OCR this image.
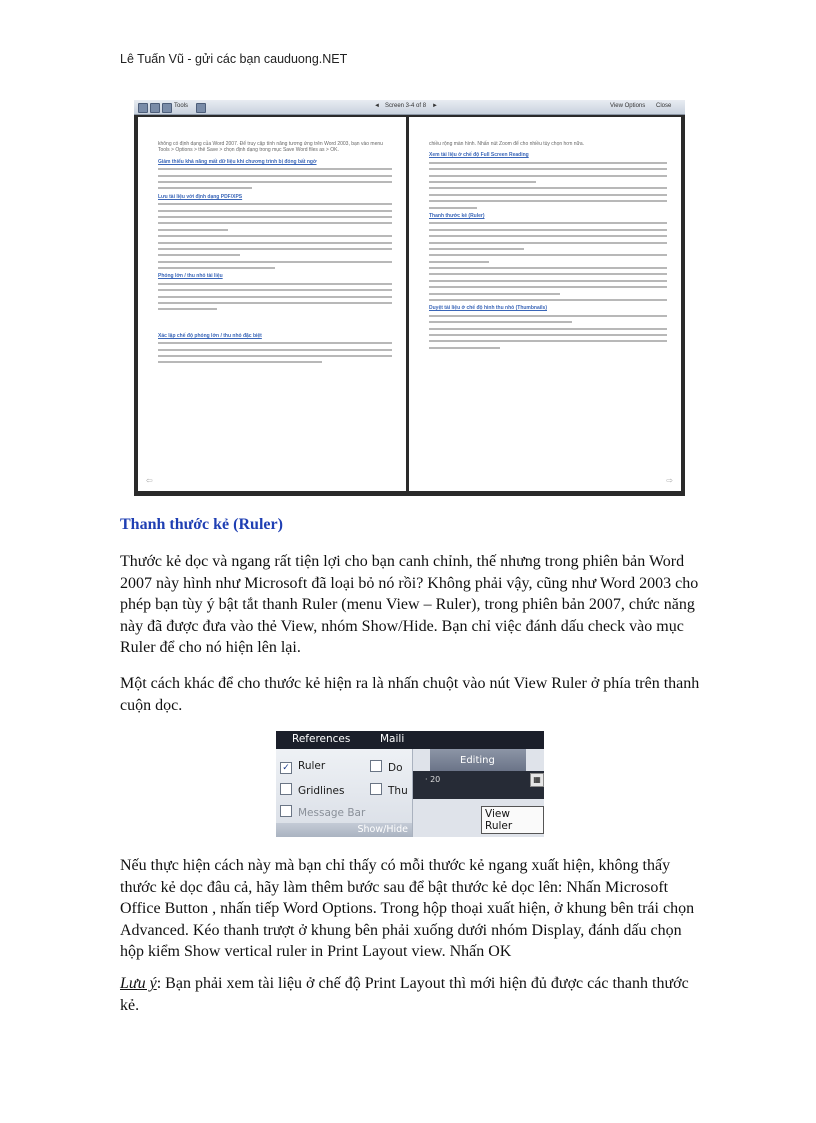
Lê Tuấn Vũ - gửi các bạn cauduong.NET
Tools	◄ Screen 3-4 of 8 ►	View Options Close

không có định dạng của Word 2007. Để truy cập tính năng tương ứng trên Word 2003, bạn vào menu Tools > Options > thẻ Save > chọn định dạng trong mục Save Word files as > OK.

Giảm thiểu khả năng mất dữ liệu khi chương trình bị đóng bất ngờ

Lưu tài liệu với định dạng PDF/XPS

Phóng lớn / thu nhỏ tài liệu

Xác lập chế độ phóng lớn / thu nhỏ đặc biệt

⇦

chiều rộng màn hình. Nhấn nút Zoom để cho nhiều tùy chọn hơn nữa.

Xem tài liệu ở chế độ Full Screen Reading

Thanh thước kẻ (Ruler)

Duyệt tài liệu ở chế độ hình thu nhỏ (Thumbnails)

⇨
Thanh thước kẻ (Ruler)

Thước kẻ dọc và ngang rất tiện lợi cho bạn canh chỉnh, thế nhưng trong phiên bản Word 2007 này hình như Microsoft đã loại bỏ nó rồi? Không phải vậy, cũng như Word 2003 cho phép bạn tùy ý bật tắt thanh Ruler (menu View – Ruler), trong phiên bản 2007, chức năng này đã được đưa vào thẻ View, nhóm Show/Hide. Bạn chỉ việc đánh dấu check vào mục Ruler để cho nó hiện lên lại.

Một cách khác để cho thước kẻ hiện ra là nhấn chuột vào nút View Ruler ở phía trên thanh cuộn dọc.

References	Maili
Editing
✓ Ruler
Gridlines
Message Bar
Do
Thu
Show/Hide
· 20	▦
View Ruler

Nếu thực hiện cách này mà bạn chỉ thấy có mỗi thước kẻ ngang xuất hiện, không thấy thước kẻ dọc đâu cả, hãy làm thêm bước sau để bật thước kẻ dọc lên: Nhấn Microsoft Office Button , nhấn tiếp Word Options. Trong hộp thoại xuất hiện, ở khung bên trái chọn Advanced. Kéo thanh trượt ở khung bên phải xuống dưới nhóm Display, đánh dấu chọn hộp kiểm Show vertical ruler in Print Layout view. Nhấn OK

Lưu ý: Bạn phải xem tài liệu ở chế độ Print Layout thì mới hiện đủ được các thanh thước kẻ.
